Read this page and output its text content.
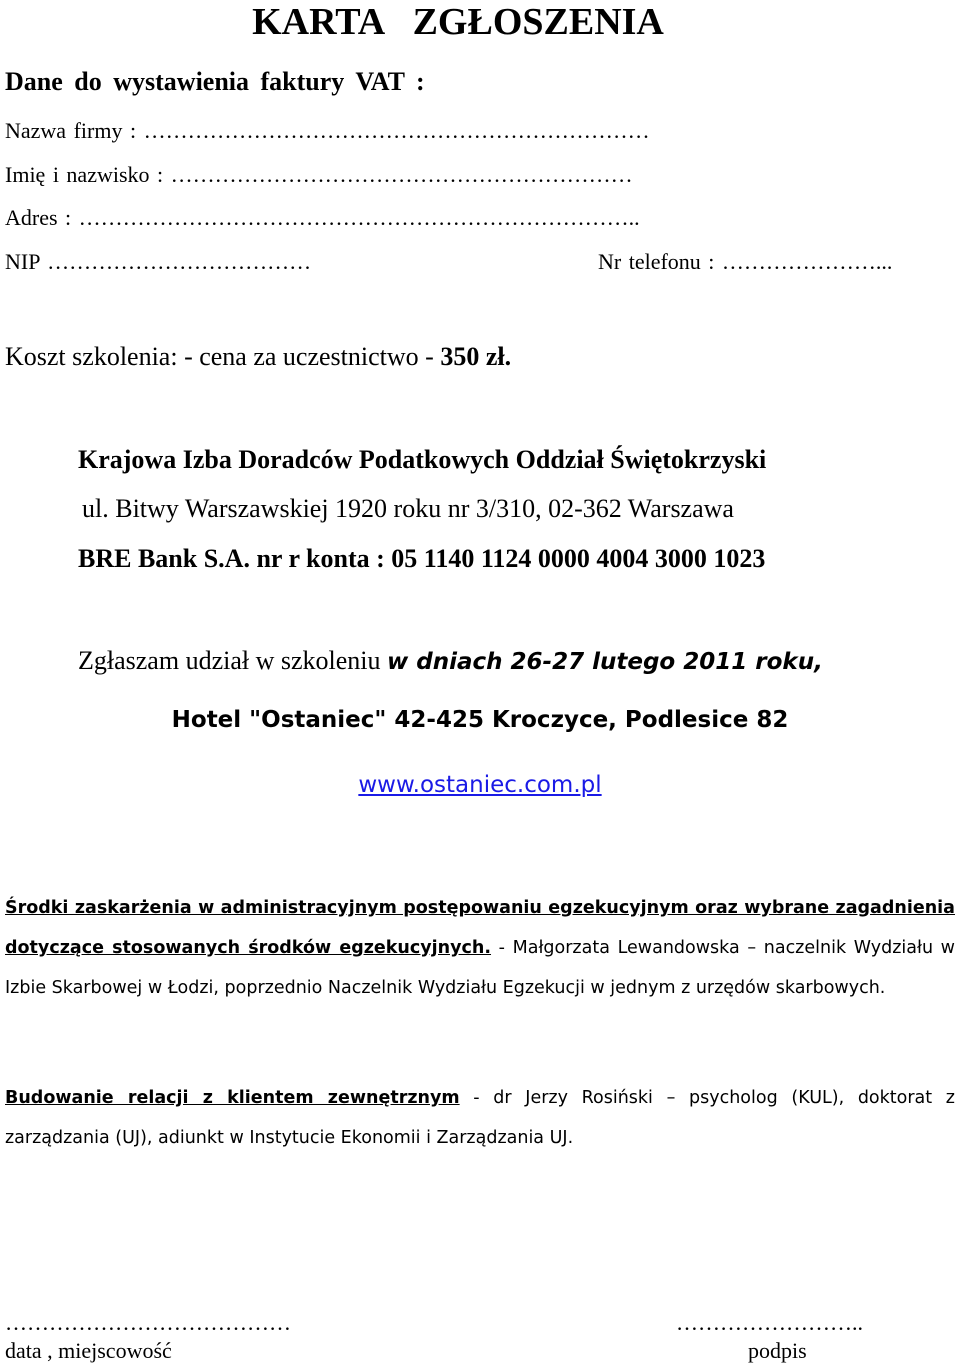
KARTA ZGŁOSZENIA
Dane do wystawienia faktury VAT :
Nazwa firmy : ……………………………………………………………
Imię i nazwisko : ………………………………………………………
Adres : …………………………………………………………………..
NIP ………………………………	Nr telefonu : …………………...
Koszt szkolenia: - cena za uczestnictwo - 350 zł.
Krajowa Izba Doradców Podatkowych Oddział Świętokrzyski
ul. Bitwy Warszawskiej 1920 roku nr 3/310, 02-362 Warszawa
BRE Bank S.A. nr r konta : 05 1140 1124 0000 4004 3000 1023
Zgłaszam udział w szkoleniu w dniach 26-27 lutego 2011 roku,
Hotel "Ostaniec" 42-425 Kroczyce, Podlesice 82
www.ostaniec.com.pl
Środki zaskarżenia w administracyjnym postępowaniu egzekucyjnym oraz wybrane zagadnienia dotyczące stosowanych środków egzekucyjnych. - Małgorzata Lewandowska – naczelnik Wydziału w Izbie Skarbowej w Łodzi, poprzednio Naczelnik Wydziału Egzekucji w jednym z urzędów skarbowych.
Budowanie relacji z klientem zewnętrznym - dr Jerzy Rosiński – psycholog (KUL), doktorat z zarządzania (UJ), adiunkt w Instytucie Ekonomii i Zarządzania UJ.
…………………………………
data , miejscowość
……………………..
podpis
